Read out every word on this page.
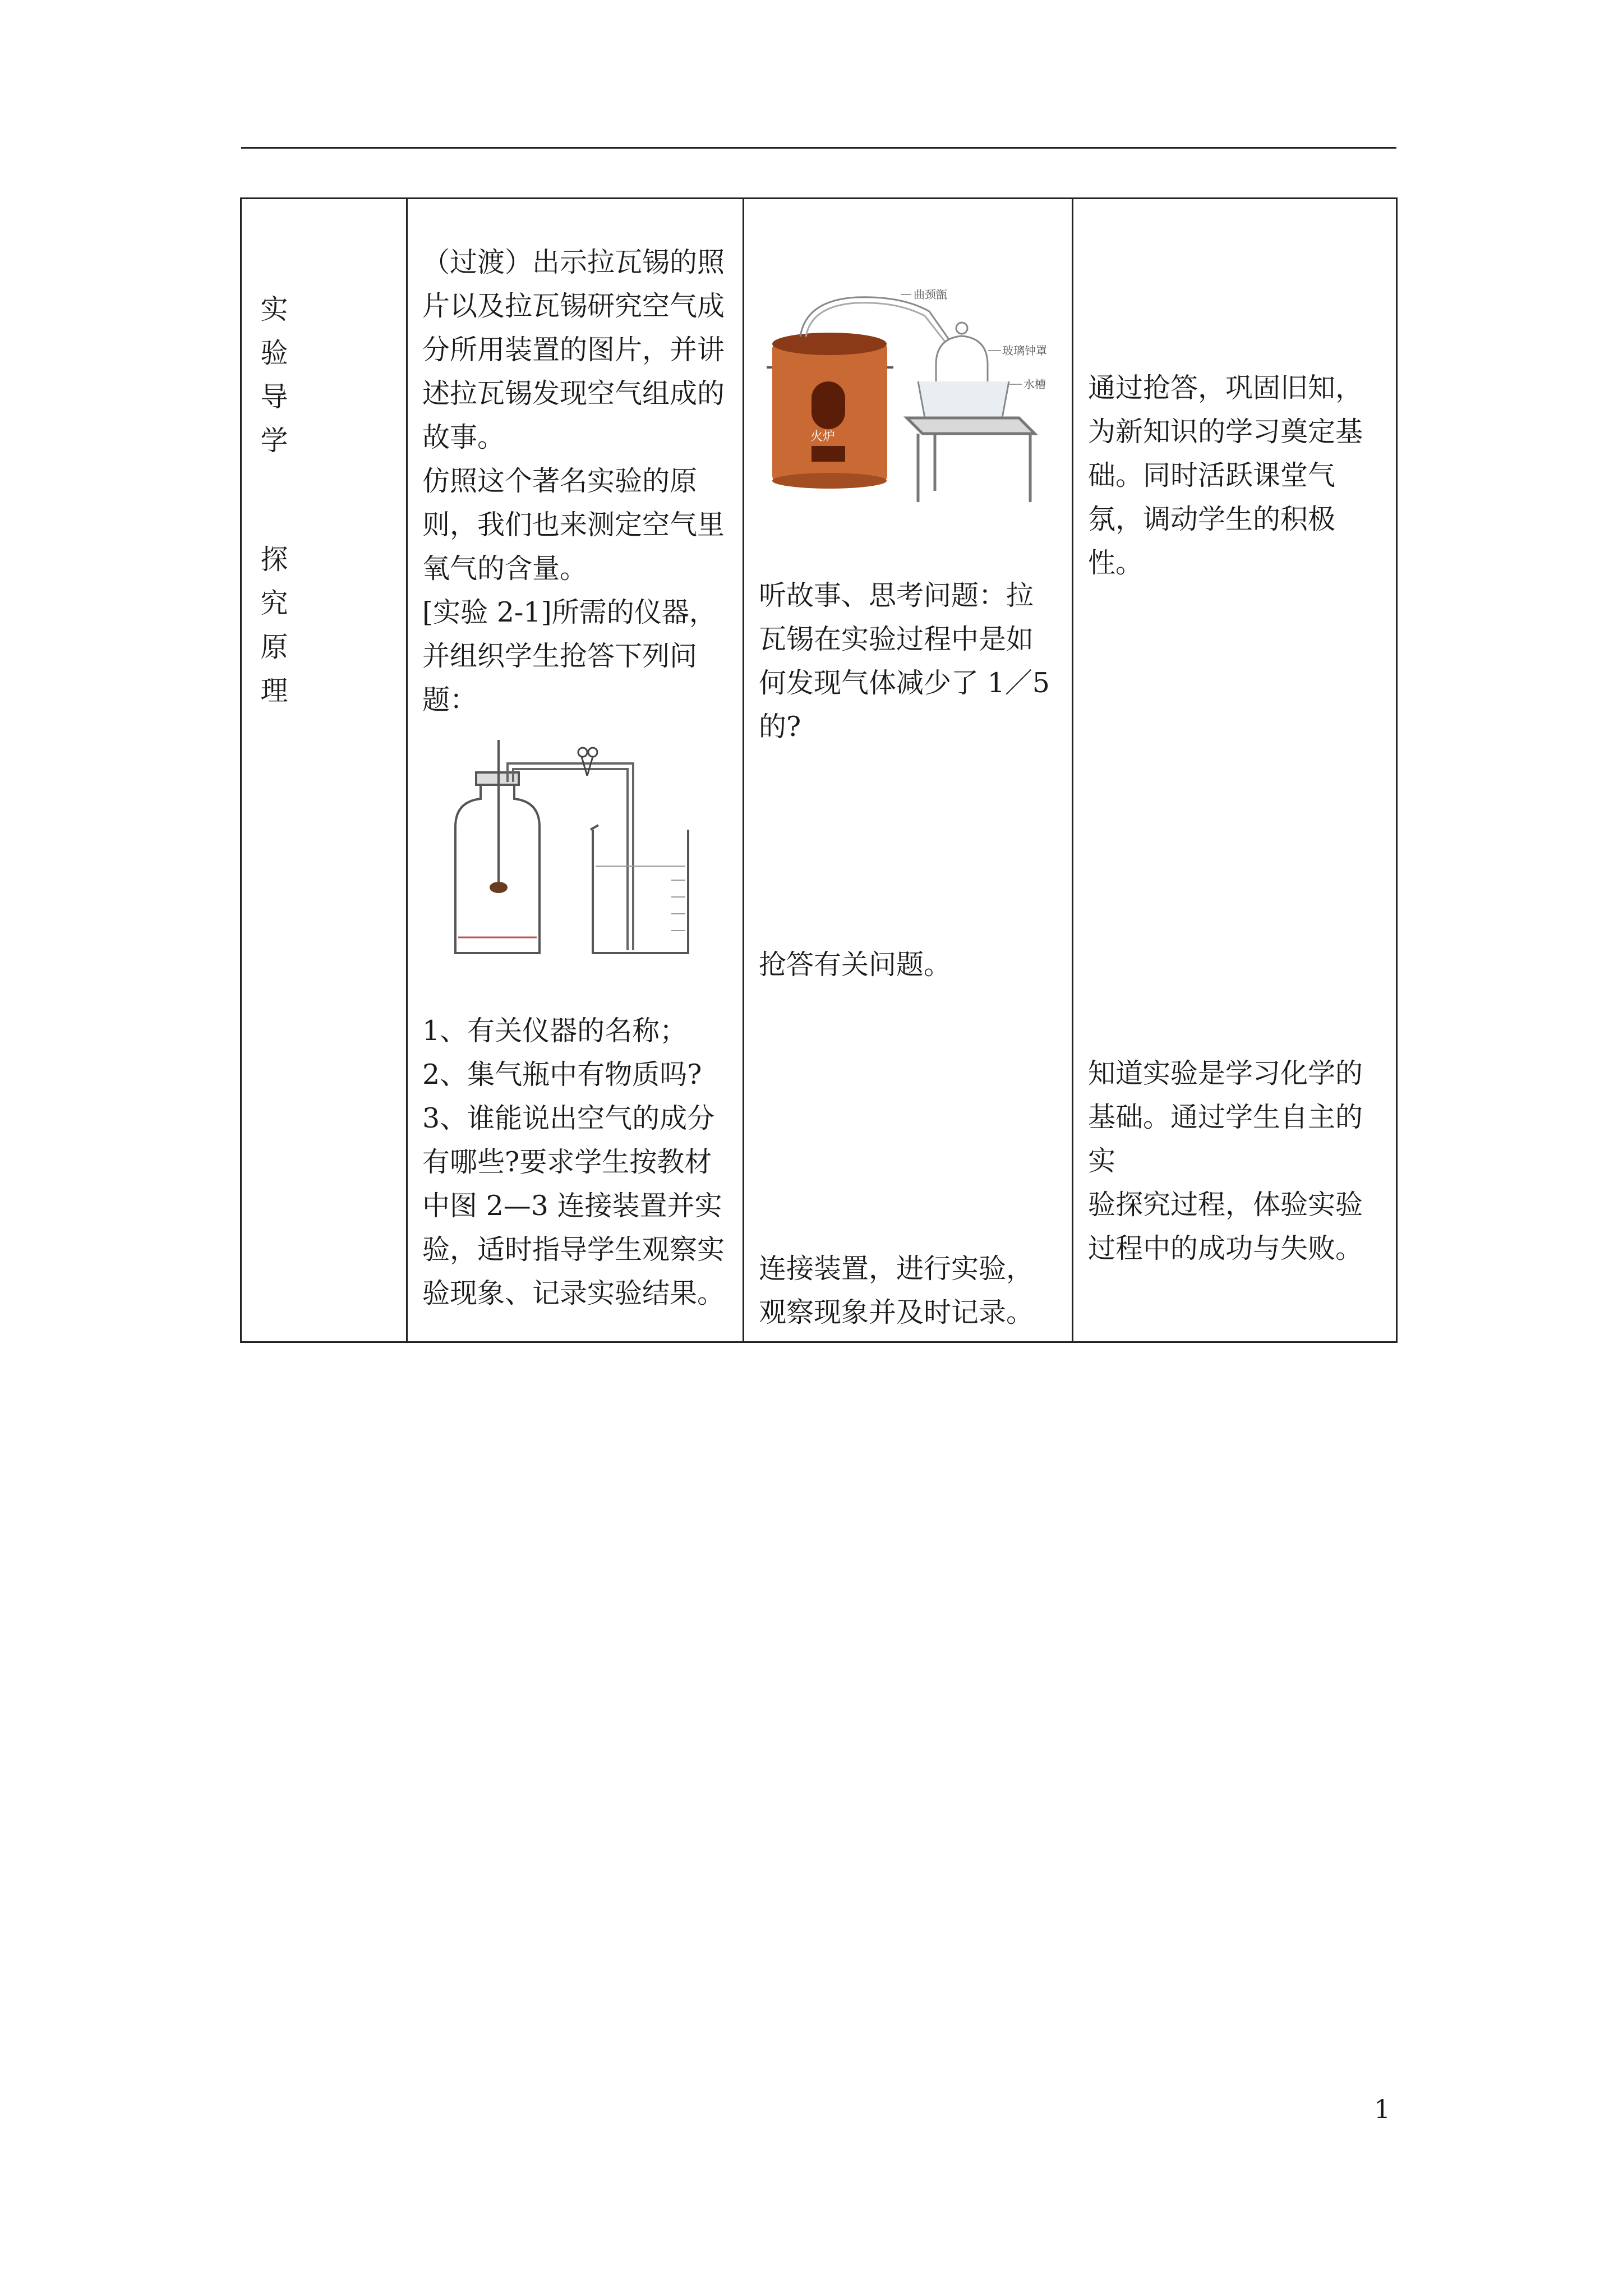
实
验
导
学
探
究
原
理
（过渡）出示拉瓦锡的照片以及拉瓦锡研究空气成分所用装置的图片，并讲述拉瓦锡发现空气组成的故事。
仿照这个著名实验的原则，我们也来测定空气里氧气的含量。
[实验 2-1]所需的仪器，并组织学生抢答下列问题：
1、有关仪器的名称；
2、集气瓶中有物质吗?
3、谁能说出空气的成分有哪些?要求学生按教材中图 2—3 连接装置并实验，适时指导学生观察实验现象、记录实验结果。
火炉
曲颈甑
玻璃钟罩
水槽
听故事、思考问题：拉瓦锡在实验过程中是如何发现气体减少了 1／5 的?
抢答有关问题。
连接装置，进行实验，观察现象并及时记录。
通过抢答，巩固旧知，为新知识的学习奠定基础。同时活跃课堂气氛，调动学生的积极性。
知道实验是学习化学的基础。通过学生自主的实
验探究过程，体验实验过程中的成功与失败。
1
